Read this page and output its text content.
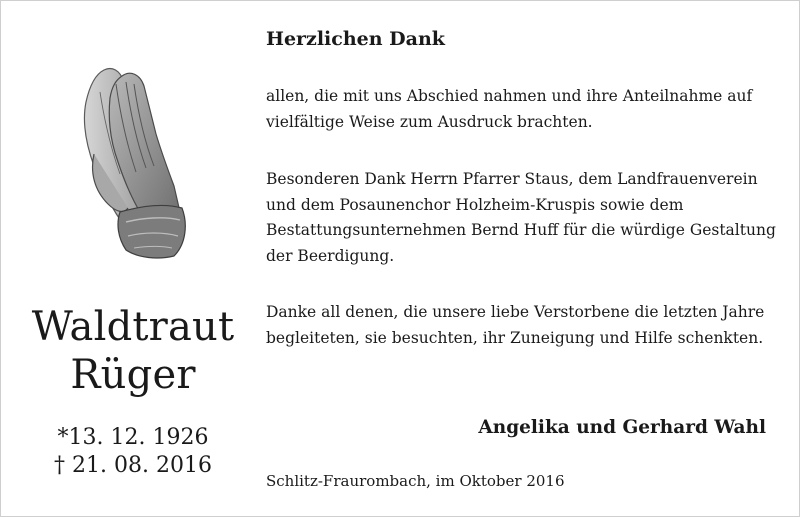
Waldtraut
Rüger
*13. 12. 1926
† 21. 08. 2016
Herzlichen Dank
allen, die mit uns Abschied nahmen und ihre Anteilnahme auf
vielfältige Weise zum Ausdruck brachten.
Besonderen Dank Herrn Pfarrer Staus, dem Landfrauenverein
und dem Posaunenchor Holzheim-Kruspis sowie dem
Bestattungsunternehmen Bernd Huff für die würdige Gestaltung
der Beerdigung.
Danke all denen, die unsere liebe Verstorbene die letzten Jahre
begleiteten, sie besuchten, ihr Zuneigung und Hilfe schenkten.
Angelika und Gerhard Wahl
Schlitz-Fraurombach, im Oktober 2016
